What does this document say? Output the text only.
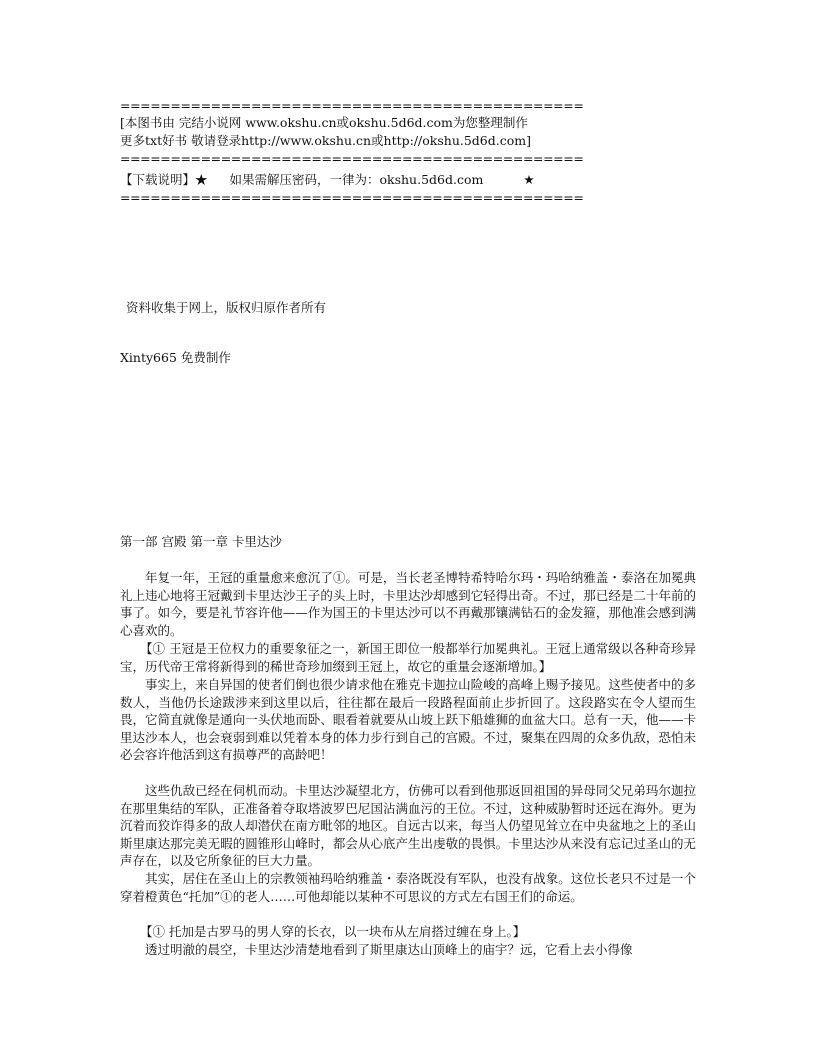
==============================================
[本图书由 完结小说网 www.okshu.cn或okshu.5d6d.com为您整理制作
更多txt好书 敬请登录http://www.okshu.cn或http://okshu.5d6d.com]
==============================================
【下载说明】★ 如果需解压密码，一律为：okshu.5d6d.com	★
==============================================
资料收集于网上，版权归原作者所有
Xinty665 免费制作
第一部 宫殿 第一章 卡里达沙

年复一年，王冠的重量愈来愈沉了①。可是，当长老圣博特希特哈尔玛・玛哈纳雅盖・泰洛在加冕典礼上违心地将王冠戴到卡里达沙王子的头上时，卡里达沙却感到它轻得出奇。不过，那已经是二十年前的事了。如今，要是礼节容许他——作为国王的卡里达沙可以不再戴那镶满钻石的金发箍，那他准会感到满心喜欢的。

【① 王冠是王位权力的重要象征之一，新国王即位一般都举行加冕典礼。王冠上通常级以各种奇珍异宝，历代帝王常将新得到的稀世奇珍加缀到王冠上，故它的重量会逐渐增加。】

事实上，来自异国的使者们倒也很少请求他在雅克卡迦拉山险峻的高峰上赐予接见。这些使者中的多数人，当他仍长途跋涉来到这里以后，往往都在最后一段路程面前止步折回了。这段路实在令人望而生畏，它简直就像是通向一头伏地而卧、眼看着就要从山坡上跃下船雄狮的血盆大口。总有一天，他——卡里达沙本人，也会衰弱到难以凭着本身的体力步行到自己的宫殿。不过，聚集在四周的众多仇敌，恐怕未必会容许他活到这有损尊严的高龄吧！

这些仇敌已经在伺机而动。卡里达沙凝望北方，仿佛可以看到他那返回祖国的异母同父兄弟玛尔迦拉在那里集结的军队，正准备着夺取塔波罗巴尼国沾满血污的王位。不过，这种威胁暂时还远在海外。更为沉着而狡诈得多的敌人却潜伏在南方毗邻的地区。自远古以来，每当人仍望见耸立在中央盆地之上的圣山斯里康达那完美无暇的圆锥形山峰时，都会从心底产生出虔敬的畏惧。卡里达沙从来没有忘记过圣山的无声存在，以及它所象征的巨大力量。

其实，居住在圣山上的宗教领袖玛哈纳雅盖・泰洛既没有军队，也没有战象。这位长老只不过是一个穿着橙黄色“托加”①的老人……可他却能以某种不可思议的方式左右国王们的命运。

【① 托加是古罗马的男人穿的长衣，以一块布从左肩搭过缠在身上。】

透过明澈的晨空，卡里达沙清楚地看到了斯里康达山顶峰上的庙宇？远，它看上去小得像
